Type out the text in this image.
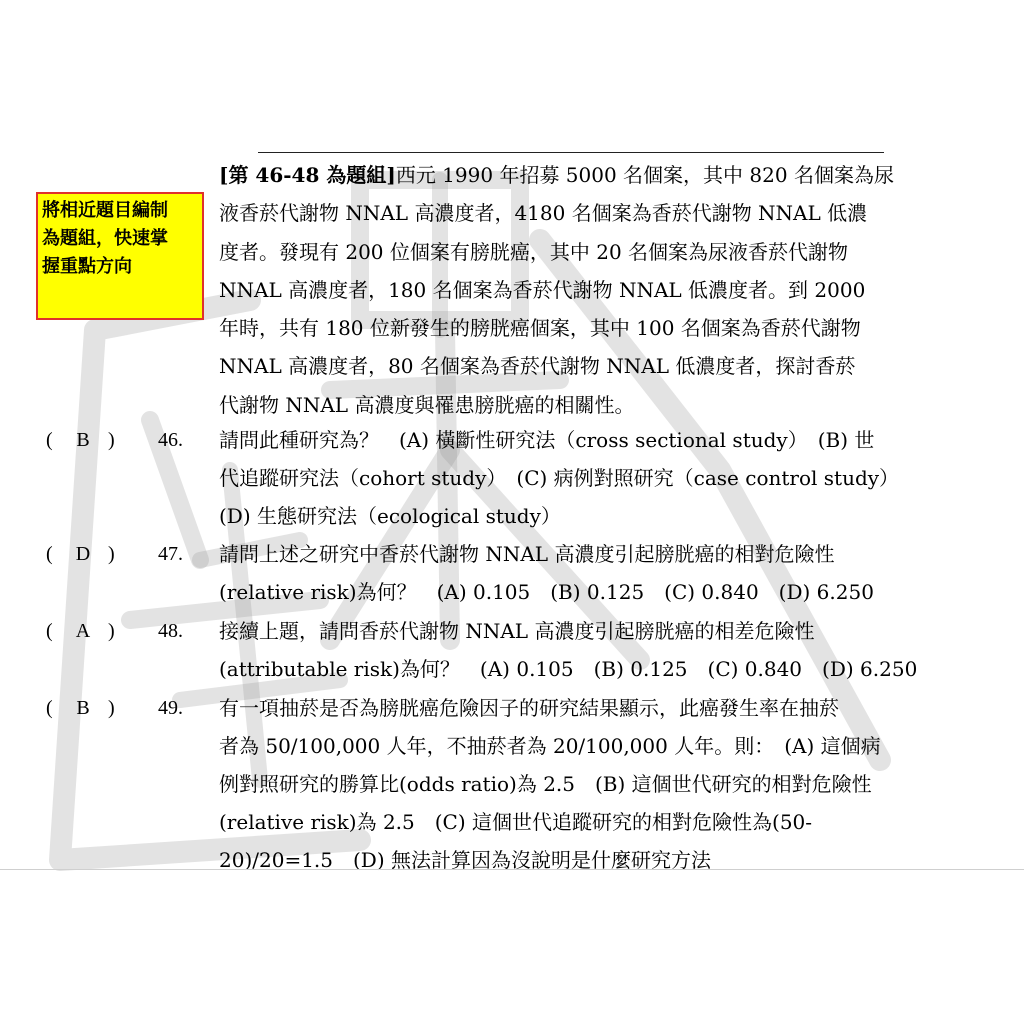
將相近題目編制
為題組，快速掌
握重點方向
[第 46-48 為題組]西元 1990 年招募 5000 名個案，其中 820 名個案為尿
液香菸代謝物 NNAL 高濃度者，4180 名個案為香菸代謝物 NNAL 低濃
度者。發現有 200 位個案有膀胱癌，其中 20 名個案為尿液香菸代謝物
NNAL 高濃度者，180 名個案為香菸代謝物 NNAL 低濃度者。到 2000
年時，共有 180 位新發生的膀胱癌個案，其中 100 名個案為香菸代謝物
NNAL 高濃度者，80 名個案為香菸代謝物 NNAL 低濃度者，探討香菸
代謝物 NNAL 高濃度與罹患膀胱癌的相關性。
( B )	46. 請問此種研究為？　(A) 橫斷性研究法（cross sectional study）　(B) 世
代追蹤研究法（cohort study）　(C) 病例對照研究（case control study）
(D) 生態研究法（ecological study）
( D )	47. 請問上述之研究中香菸代謝物 NNAL 高濃度引起膀胱癌的相對危險性
(relative risk)為何？　(A) 0.105　(B) 0.125　(C) 0.840　(D) 6.250
( A )	48. 接續上題，請問香菸代謝物 NNAL 高濃度引起膀胱癌的相差危險性
(attributable risk)為何？　(A) 0.105　(B) 0.125　(C) 0.840　(D) 6.250
( B )	49. 有一項抽菸是否為膀胱癌危險因子的研究結果顯示，此癌發生率在抽菸
者為 50/100,000 人年，不抽菸者為 20/100,000 人年。則：　(A) 這個病
例對照研究的勝算比(odds ratio)為 2.5　(B) 這個世代研究的相對危險性
(relative risk)為 2.5　(C) 這個世代追蹤研究的相對危險性為(50-
20)/20=1.5　(D) 無法計算因為沒說明是什麼研究方法
